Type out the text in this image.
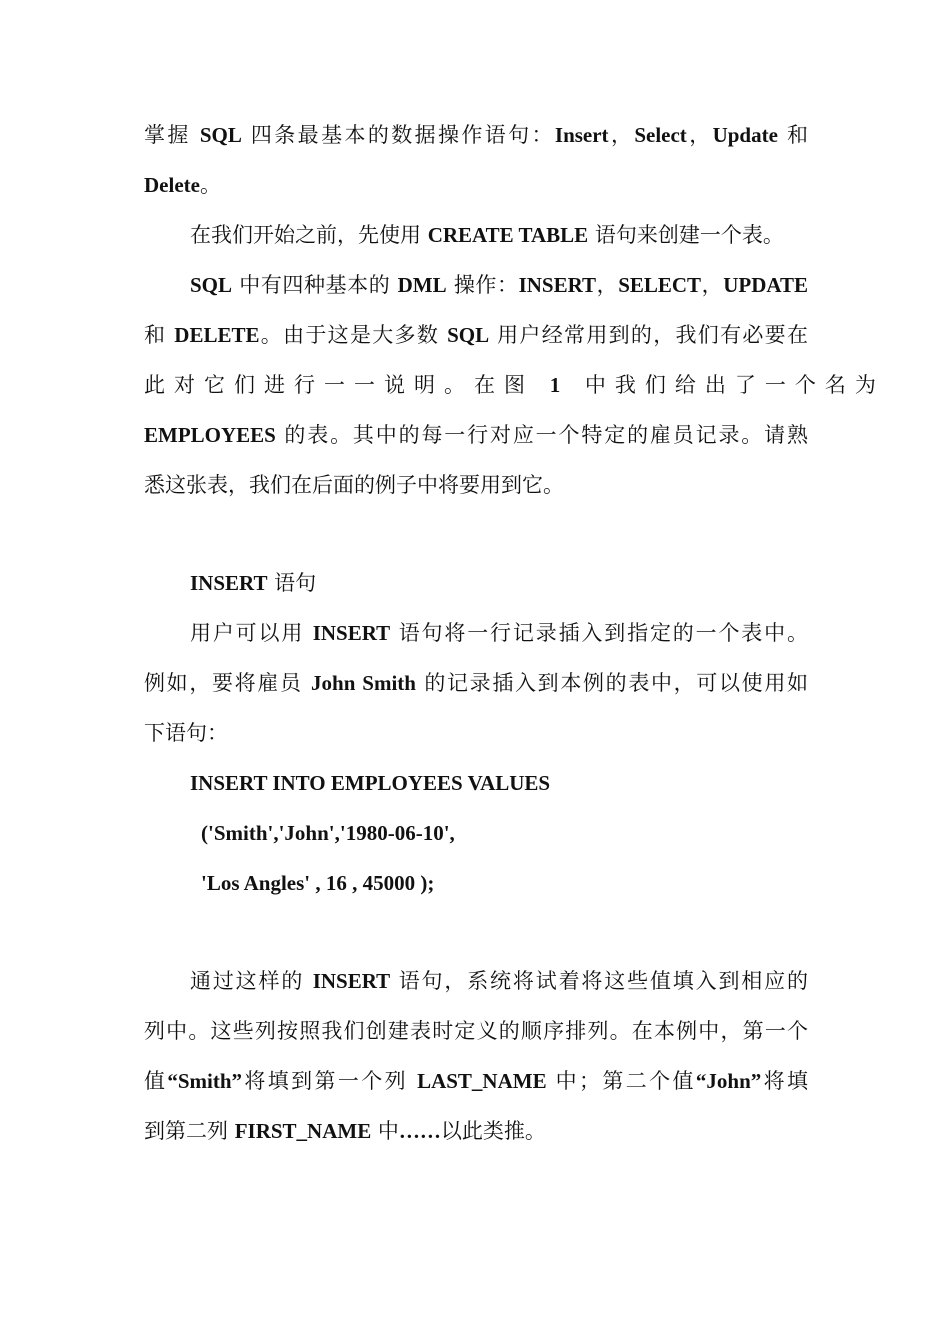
掌握 SQL 四条最基本的数据操作语句：Insert，Select，Update 和
Delete。
在我们开始之前，先使用 CREATE TABLE 语句来创建一个表。
SQL 中有四种基本的 DML 操作：INSERT，SELECT，UPDATE
和 DELETE。由于这是大多数 SQL 用户经常用到的，我们有必要在
此对它们进行一一说明。在图 1 中我们给出了一个名为
EMPLOYEES 的表。其中的每一行对应一个特定的雇员记录。请熟
悉这张表，我们在后面的例子中将要用到它。
INSERT 语句
用户可以用 INSERT 语句将一行记录插入到指定的一个表中。
例如，要将雇员 John Smith 的记录插入到本例的表中，可以使用如
下语句：
INSERT INTO EMPLOYEES VALUES
('Smith','John','1980-06-10',
'Los Angles' , 16 , 45000 );
通过这样的 INSERT 语句，系统将试着将这些值填入到相应的
列中。这些列按照我们创建表时定义的顺序排列。在本例中，第一个
值“Smith”将填到第一个列 LAST_NAME 中；第二个值“John”将填
到第二列 FIRST_NAME 中……以此类推。
